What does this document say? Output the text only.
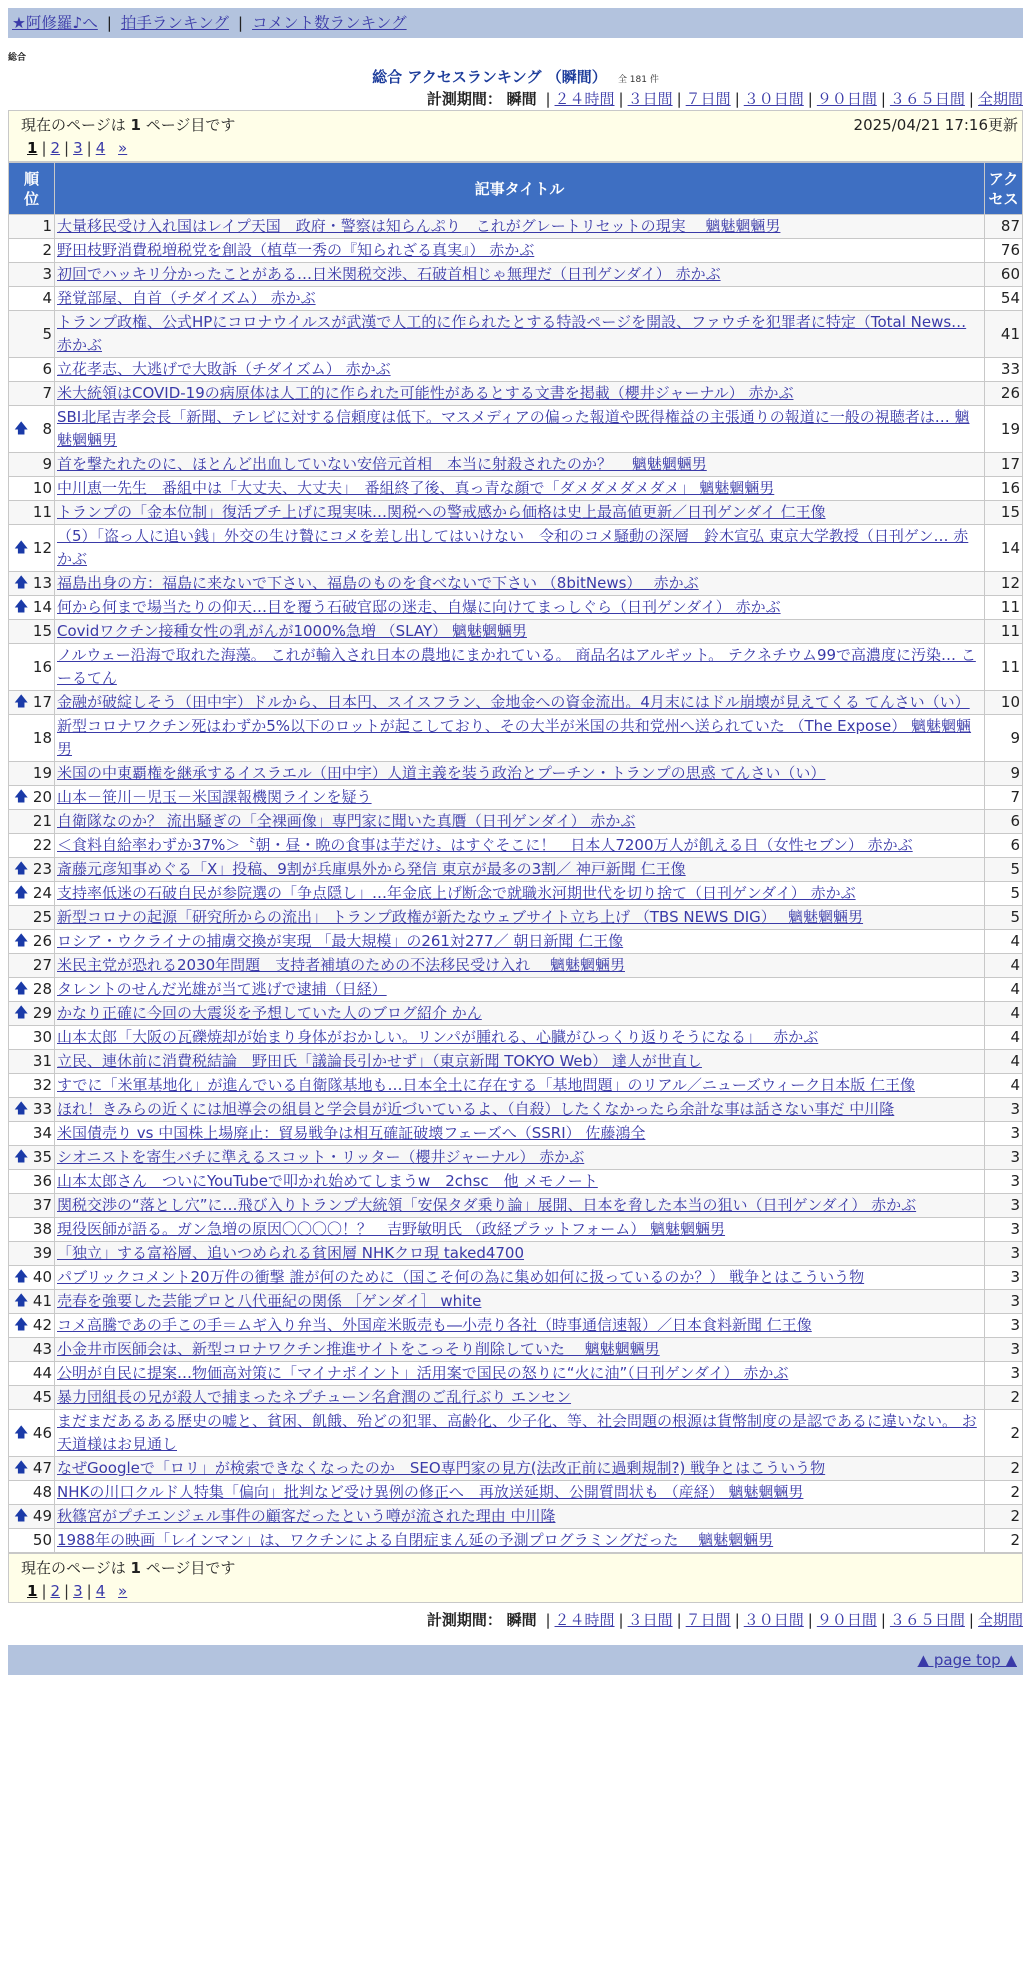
★阿修羅♪へ | 拍手ランキング | コメント数ランキング
総合
総合 アクセスランキング （瞬間） 全 181 件
計測期間： 瞬間 | ２４時間 | ３日間 | ７日間 | ３０日間 | ９０日間 | ３６５日間 | 全期間
現在のページは 1 ページ目です	2025/04/21 17:16更新
1 | 2 | 3 | 4 »
順位	記事タイトル	アクセス
1	大量移民受け入れ国はレイプ天国　政府・警察は知らんぷり　これがグレートリセットの現実　 魑魅魍魎男	87
2	野田枝野消費税増税党を創設（植草一秀の『知られざる真実』） 赤かぶ	76
3	初回でハッキリ分かったことがある…日米関税交渉、石破首相じゃ無理だ（日刊ゲンダイ） 赤かぶ	60
4	発覚部屋、自首（チダイズム） 赤かぶ	54
5	トランプ政権、公式HPにコロナウイルスが武漢で人工的に作られたとする特設ページを開設、ファウチを犯罪者に特定（Total News… 赤かぶ	41
6	立花孝志、大逃げで大敗訴（チダイズム） 赤かぶ	33
7	米大統領はCOVID-19の病原体は人工的に作られた可能性があるとする文書を掲載（櫻井ジャーナル） 赤かぶ	26

🡅 8	SBI北尾吉孝会長「新聞、テレビに対する信頼度は低下。マスメディアの偏った報道や既得権益の主張通りの報道に一般の視聴者は… 魑魅魍魎男	19
9	首を撃たれたのに、ほとんど出血していない安倍元首相　本当に射殺されたのか？　 魑魅魍魎男	17
10	中川恵一先生　番組中は「大丈夫、大丈夫」　番組終了後、真っ青な顔で「ダメダメダメダメ」 魑魅魍魎男	16
11	トランプの「金本位制」復活ブチ上げに現実味…関税への警戒感から価格は史上最高値更新／日刊ゲンダイ 仁王像	15

🡅 12	（5）「盗っ人に追い銭」外交の生け贄にコメを差し出してはいけない　令和のコメ騒動の深層　鈴木宣弘 東京大学教授（日刊ゲン… 赤かぶ	14

🡅 13	福島出身の方：福島に来ないで下さい、福島のものを食べないで下さい （8bitNews）　 赤かぶ	12

🡅 14	何から何まで場当たりの仰天…目を覆う石破官邸の迷走、自爆に向けてまっしぐら（日刊ゲンダイ） 赤かぶ	11
15	Covidワクチン接種女性の乳がんが1000%急増 （SLAY） 魑魅魍魎男	11
16	ノルウェー沿海で取れた海藻。 これが輸入され日本の農地にまかれている。 商品名はアルギット。 テクネチウム99で高濃度に汚染… こーるてん	11

🡅 17	金融が破綻しそう（田中宇）ドルから、日本円、スイスフラン、金地金への資金流出。4月末にはドル崩壊が見えてくる てんさい（い）	10
18	新型コロナワクチン死はわずか5%以下のロットが起こしており、その大半が米国の共和党州へ送られていた （The Expose） 魑魅魍魎男	9
19	米国の中東覇権を継承するイスラエル（田中宇）人道主義を装う政治とプーチン・トランプの思惑 てんさい（い）	9

🡅 20	山本－笹川－児玉－米国課報機関ラインを疑う	7
21	自衛隊なのか？ 流出騒ぎの「全裸画像」専門家に聞いた真贋（日刊ゲンダイ） 赤かぶ	6
22	＜食料自給率わずか37%＞〝朝・昼・晩の食事は芋だけ〟はすぐそこに！　日本人7200万人が飢える日（女性セブン） 赤かぶ	6

🡅 23	斎藤元彦知事めぐる「X」投稿、9割が兵庫県外から発信 東京が最多の3割／ 神戸新聞 仁王像	5

🡅 24	支持率低迷の石破自民が参院選の「争点隠し」…年金底上げ断念で就職氷河期世代を切り捨て（日刊ゲンダイ） 赤かぶ	5
25	新型コロナの起源「研究所からの流出」 トランプ政権が新たなウェブサイト立ち上げ （TBS NEWS DIG）　 魑魅魍魎男	5

🡅 26	ロシア・ウクライナの捕虜交換が実現 「最大規模」の261対277／ 朝日新聞 仁王像	4
27	米民主党が恐れる2030年問題　支持者補填のための不法移民受け入れ　 魑魅魍魎男	4

🡅 28	タレントのせんだ光雄が当て逃げで逮捕（日経）	4

🡅 29	かなり正確に今回の大震災を予想していた人のブログ紹介 かん	4
30	山本太郎「大阪の瓦礫焼却が始まり身体がおかしい。リンパが腫れる、心臓がひっくり返りそうになる」　 赤かぶ	4
31	立民、連休前に消費税結論　野田氏「議論長引かせず」（東京新聞 TOKYO Web） 達人が世直し	4
32	すでに「米軍基地化」が進んでいる自衛隊基地も…日本全土に存在する「基地問題」のリアル／ニューズウィーク日本版 仁王像	4

🡅 33	ほれ！きみらの近くには旭導会の組員と学会員が近づいているよ、（自殺）したくなかったら余計な事は話さない事だ 中川隆	3
34	米国債売り vs 中国株上場廃止：貿易戦争は相互確証破壊フェーズへ（SSRI） 佐藤鴻全	3

🡅 35	シオニストを寄生バチに準えるスコット・リッター（櫻井ジャーナル） 赤かぶ	3
36	山本太郎さん　ついにYouTubeで叩かれ始めてしまうw　2chsc　他 メモノート	3
37	関税交渉の“落とし穴”に…飛び入りトランプ大統領「安保タダ乗り論」展開、日本を脅した本当の狙い（日刊ゲンダイ） 赤かぶ	3
38	現役医師が語る。ガン急増の原因〇〇〇〇！？　吉野敏明氏 （政経プラットフォーム） 魑魅魍魎男	3
39	「独立」する富裕層、追いつめられる貧困層 NHKクロ現 taked4700	3

🡅 40	パブリックコメント20万件の衝撃 誰が何のために（国こそ何の為に集め如何に扱っているのか？） 戦争とはこういう物	3

🡅 41	売春を強要した芸能プロと八代亜紀の関係 ［ゲンダイ］ white	3

🡅 42	コメ高騰であの手この手＝ムギ入り弁当、外国産米販売も―小売り各社（時事通信速報）／日本食料新聞 仁王像	3
43	小金井市医師会は、新型コロナワクチン推進サイトをこっそり削除していた　 魑魅魍魎男	3
44	公明が自民に提案…物価高対策に「マイナポイント」活用案で国民の怒りに“火に油”（日刊ゲンダイ） 赤かぶ	3
45	暴力団組長の兄が殺人で捕まったネプチューン名倉潤のご乱行ぶり エンセン	2

🡅 46	まだまだあるある歴史の嘘と、貧困、飢餓、殆どの犯罪、高齢化、少子化、等、社会問題の根源は貨幣制度の是認であるに違いない。 お天道様はお見通し	2

🡅 47	なぜGoogleで「ロリ」が検索できなくなったのか　SEO専門家の見方(法改正前に過剰規制?) 戦争とはこういう物	2
48	NHKの川口クルド人特集「偏向」批判など受け異例の修正へ　再放送延期、公開質問状も （産経） 魑魅魍魎男	2

🡅 49	秋篠宮がプチエンジェル事件の顧客だったという噂が流された理由 中川隆	2
50	1988年の映画「レインマン」は、ワクチンによる自閉症まん延の予測プログラミングだった　 魑魅魍魎男	2
現在のページは 1 ページ目です
1 | 2 | 3 | 4 »
計測期間： 瞬間 | ２４時間 | ３日間 | ７日間 | ３０日間 | ９０日間 | ３６５日間 | 全期間
▲ page top ▲
